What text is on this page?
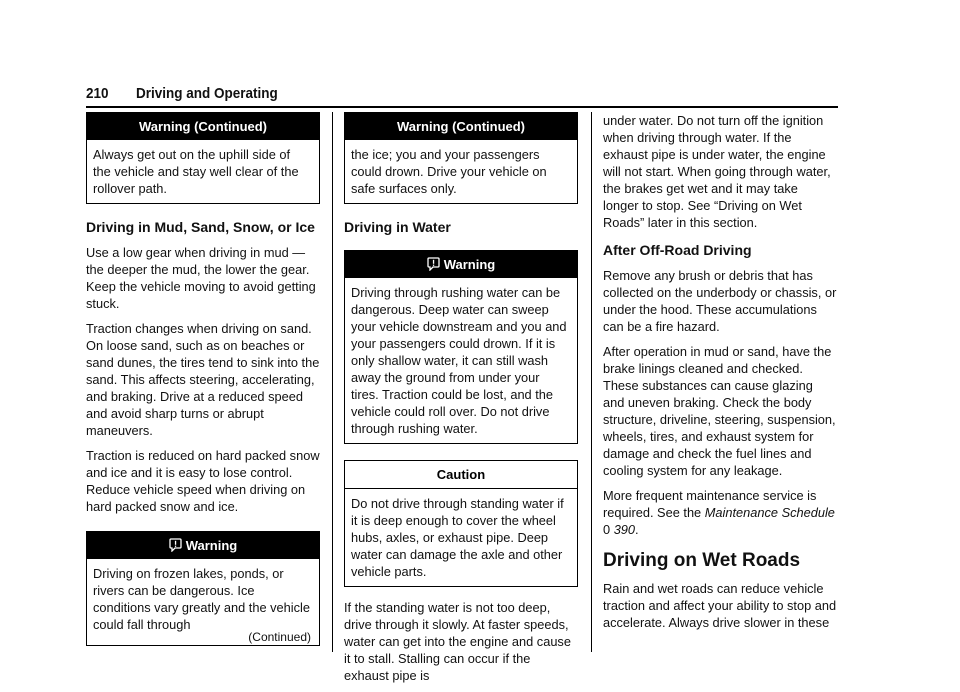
210 Driving and Operating
Warning (Continued)

Always get out on the uphill side of the vehicle and stay well clear of the rollover path.

Driving in Mud, Sand, Snow, or Ice

Use a low gear when driving in mud — the deeper the mud, the lower the gear. Keep the vehicle moving to avoid getting stuck.

Traction changes when driving on sand. On loose sand, such as on beaches or sand dunes, the tires tend to sink into the sand. This affects steering, accelerating, and braking. Drive at a reduced speed and avoid sharp turns or abrupt maneuvers.

Traction is reduced on hard packed snow and ice and it is easy to lose control. Reduce vehicle speed when driving on hard packed snow and ice.

Warning

Driving on frozen lakes, ponds, or rivers can be dangerous. Ice conditions vary greatly and the vehicle could fall through

(Continued)
Warning (Continued)

the ice; you and your passengers could drown. Drive your vehicle on safe surfaces only.

Driving in Water
Warning

Driving through rushing water can be dangerous. Deep water can sweep your vehicle downstream and you and your passengers could drown. If it is only shallow water, it can still wash away the ground from under your tires. Traction could be lost, and the vehicle could roll over. Do not drive through rushing water.

Caution

Do not drive through standing water if it is deep enough to cover the wheel hubs, axles, or exhaust pipe. Deep water can damage the axle and other vehicle parts.

If the standing water is not too deep, drive through it slowly. At faster speeds, water can get into the engine and cause it to stall. Stalling can occur if the exhaust pipe is

under water. Do not turn off the ignition when driving through water. If the exhaust pipe is under water, the engine will not start. When going through water, the brakes get wet and it may take longer to stop. See “Driving on Wet Roads” later in this section.

After Off-Road Driving

Remove any brush or debris that has collected on the underbody or chassis, or under the hood. These accumulations can be a fire hazard.

After operation in mud or sand, have the brake linings cleaned and checked. These substances can cause glazing and uneven braking. Check the body structure, driveline, steering, suspension, wheels, tires, and exhaust system for damage and check the fuel lines and cooling system for any leakage.

More frequent maintenance service is required. See the Maintenance Schedule
0 390.

Driving on Wet Roads

Rain and wet roads can reduce vehicle traction and affect your ability to stop and accelerate. Always drive slower in these
